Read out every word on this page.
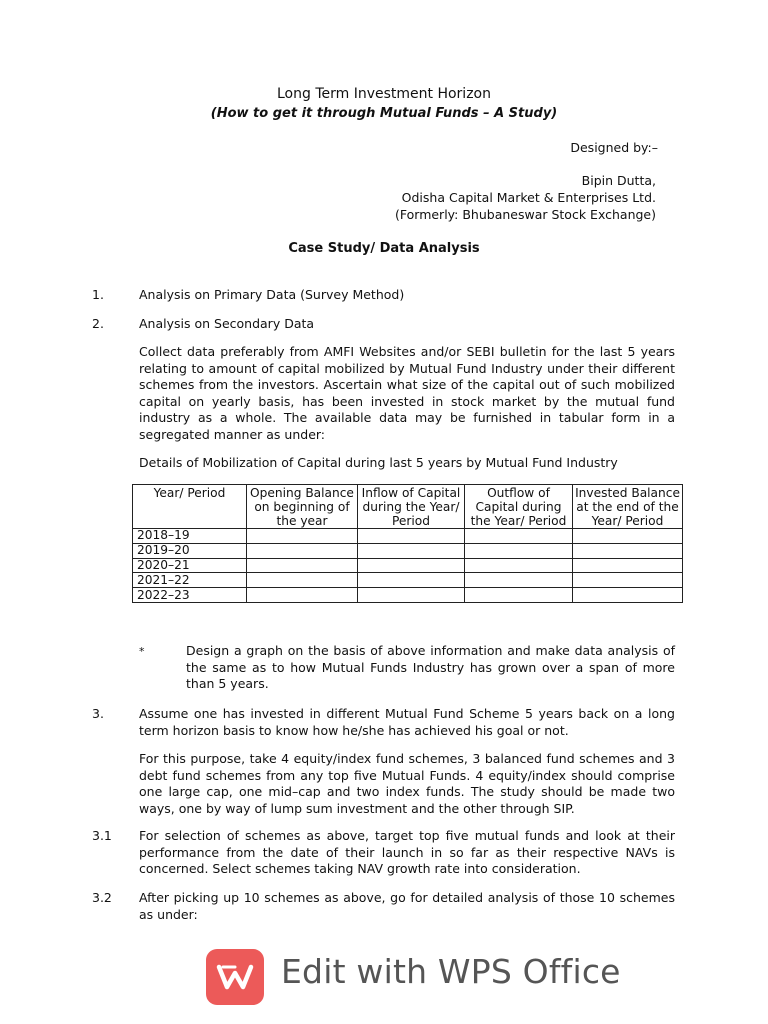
Long Term Investment Horizon
(How to get it through Mutual Funds – A Study)
Designed by:–
Bipin Dutta,
Odisha Capital Market & Enterprises Ltd.
(Formerly: Bhubaneswar Stock Exchange)
Case Study/ Data Analysis
1.	Analysis on Primary Data (Survey Method)
2.	Analysis on Secondary Data
Collect data preferably from AMFI Websites and/or SEBI bulletin for the last 5 years relating to amount of capital mobilized by Mutual Fund Industry under their different schemes from the investors. Ascertain what size of the capital out of such mobilized capital on yearly basis, has been invested in stock market by the mutual fund industry as a whole. The available data may be furnished in tabular form in a segregated manner as under:
Details of Mobilization of Capital during last 5 years by Mutual Fund Industry
Year/ Period	Opening Balance on beginning of the year	Inflow of Capital during the Year/ Period	Outflow of Capital during the Year/ Period	Invested Balance at the end of the Year/ Period
2018–19				
2019–20				
2020–21				
2021–22				
2022–23				
*	Design a graph on the basis of above information and make data analysis of the same as to how Mutual Funds Industry has grown over a span of more than 5 years.
3.	Assume one has invested in different Mutual Fund Scheme 5 years back on a long term horizon basis to know how he/she has achieved his goal or not.
For this purpose, take 4 equity/index fund schemes, 3 balanced fund schemes and 3 debt fund schemes from any top five Mutual Funds. 4 equity/index should comprise one large cap, one mid–cap and two index funds. The study should be made two ways, one by way of lump sum investment and the other through SIP.
3.1 For selection of schemes as above, target top five mutual funds and look at their performance from the date of their launch in so far as their respective NAVs is concerned. Select schemes taking NAV growth rate into consideration.
3.2 After picking up 10 schemes as above, go for detailed analysis of those 10 schemes as under:
Edit with WPS Office
